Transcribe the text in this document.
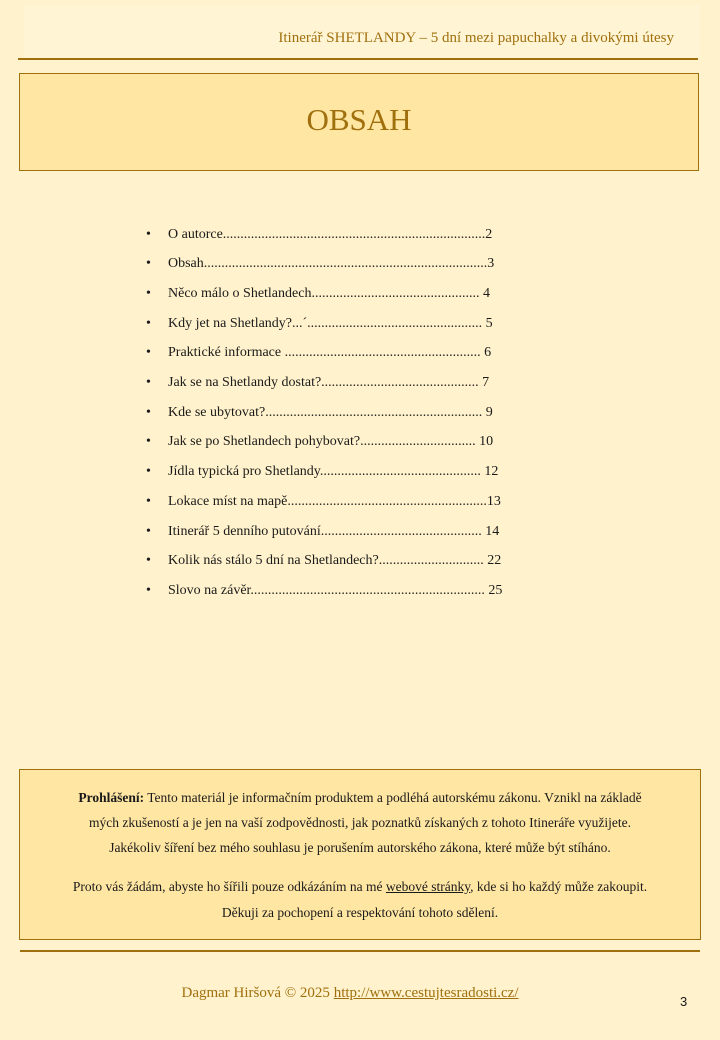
Itinerář SHETLANDY – 5 dní mezi papuchalky a divokými útesy
OBSAH
• O autorce...........................................................................2
• Obsah.................................................................................3
• Něco málo o Shetlandech................................................ 4
• Kdy jet na Shetlandy?...´.................................................. 5
• Praktické informace ........................................................ 6
• Jak se na Shetlandy dostat?............................................. 7
• Kde se ubytovat?.............................................................. 9
• Jak se po Shetlandech pohybovat?................................. 10
• Jídla typická pro Shetlandy.............................................. 12
• Lokace míst na mapě.........................................................13
• Itinerář 5 denního putování.............................................. 14
• Kolik nás stálo 5 dní na Shetlandech?.............................. 22
• Slovo na závěr................................................................... 25
Prohlášení: Tento materiál je informačním produktem a podléhá autorskému zákonu. Vznikl na základě
mých zkušeností a je jen na vaší zodpovědnosti, jak poznatků získaných z tohoto Itineráře využijete.
Jakékoliv šíření bez mého souhlasu je porušením autorského zákona, které může být stíháno.
Proto vás žádám, abyste ho šířili pouze odkázáním na mé webové stránky, kde si ho každý může zakoupit.
Děkuji za pochopení a respektování tohoto sdělení.
Dagmar Hiršová © 2025 http://www.cestujtesradosti.cz/
3
